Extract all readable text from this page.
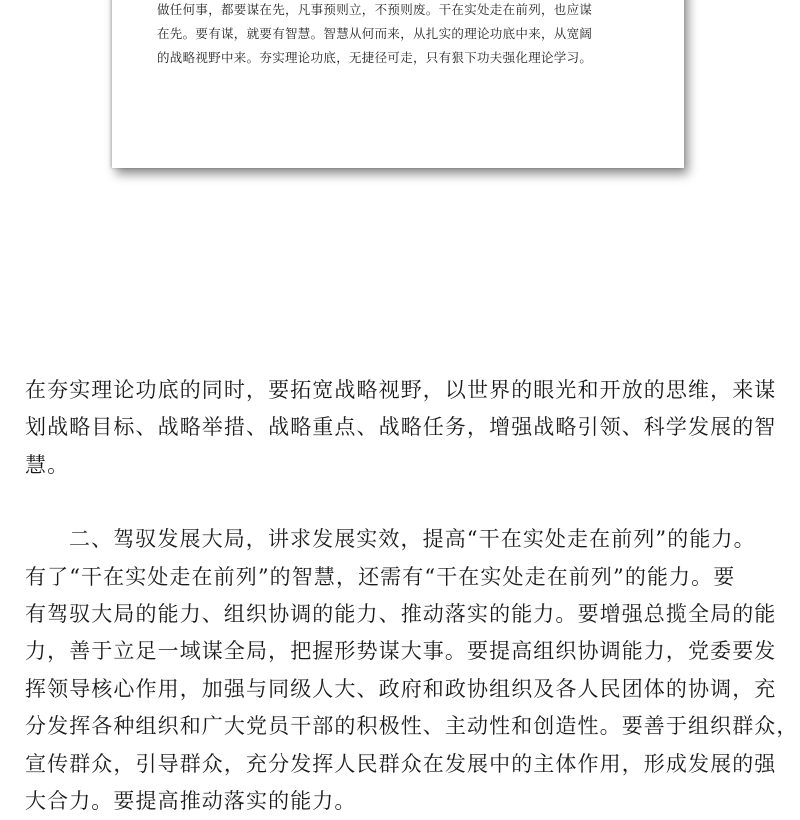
做任何事，都要谋在先，凡事预则立，不预则废。干在实处走在前列，也应谋
在先。要有谋，就要有智慧。智慧从何而来，从扎实的理论功底中来，从宽阔
的战略视野中来。夯实理论功底，无捷径可走，只有狠下功夫强化理论学习。
在夯实理论功底的同时，要拓宽战略视野，以世界的眼光和开放的思维，来谋
划战略目标、战略举措、战略重点、战略任务，增强战略引领、科学发展的智
慧。
二、驾驭发展大局，讲求发展实效，提高“干在实处走在前列”的能力。
有了“干在实处走在前列”的智慧，还需有“干在实处走在前列”的能力。要
有驾驭大局的能力、组织协调的能力、推动落实的能力。要增强总揽全局的能
力，善于立足一域谋全局，把握形势谋大事。要提高组织协调能力，党委要发
挥领导核心作用，加强与同级人大、政府和政协组织及各人民团体的协调，充
分发挥各种组织和广大党员干部的积极性、主动性和创造性。要善于组织群众，
宣传群众，引导群众，充分发挥人民群众在发展中的主体作用，形成发展的强
大合力。要提高推动落实的能力。
